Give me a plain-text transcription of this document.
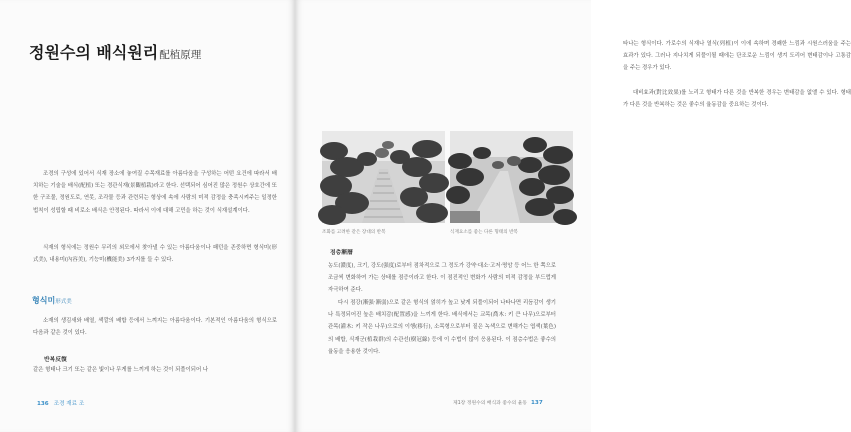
정원수의 배식원리配植原理
조경의 구성에 있어서 식재 장소에 놓여질 수목재료를 아름다움을 구성하는 어떤 요건에 따라서 배치하는 기술을 배식(配植) 또는 경관식재(景觀植栽)라고 한다. 선택되어 심어진 많은 정원수 상호간에 또한 구조물, 정원도로, 연못, 조각물 등과 관련되는 형상에 속에 사람의 미적 감정을 충족시켜주는 일정한 법칙이 성립할 때 비로소 배식은 안정된다. 따라서 이에 대해 고민을 하는 것이 식재설계이다.
식재의 형식에는 정원수 무리의 외모에서 찾아낼 수 있는 아름다움이나 패턴을 존중하면 형식미(形式美), 내용미(內容美), 기능미(機能美) 3가지를 들 수 있다.
형식미形式美
소재의 생김새와 배열, 색깔의 배합 등에서 느껴지는 아름다움이다. 기본적인 아름다움의 형식으로 다음과 같은 것이 있다.
반복反復
같은 형태나 크기 또는 같은 빛이나 무게를 느끼게 하는 것이 되풀이되어 나
136 조경 재료 조
타나는 형식이다. 가로수의 식재나 열식(列植)이 이에 속하며 경쾌한 느낌과 시원스러움을 주는 효과가 있다. 그러나 지나치게 되풀이될 때에는 단조로운 느낌이 생겨 도리어 변태감이나 고통감을 주는 경우가 있다.
대비효과(對比效果)를 노리고 형태가 다른 것을 반복한 경우는 변태감을 없앨 수 있다. 형태가 다른 것을 반복하는 것은 좋수의 율동감을 중요하는 것이다.
조화를 고려한 같은 장대의 반복	식재요소를 좋는 다른 형태의 반복
점층漸層
농도(濃度), 크기, 강도(强度)로부터 점차적으로 그 정도가 강약·대소·고저·명암 등 어느 한 쪽으로 조금씩 변화하여 가는 상태를 점증이라고 한다. 이 점진적인 변화가 사람의 미적 감정을 부드럽게 자극하여 준다.
다시 점강(漸强·漸弱)으로 같은 형식의 얽히가 높고 낮게 되풀이되어 나타나면 리듬감이 생기나 특정되어진 높은 배치감(配置感)을 느끼게 한다. 배식에서는 교목(喬木: 키 큰 나무)으로부터 관목(灌木: 키 작은 나무)으로의 이행(移行), 소목형으로부터 짙은 녹색으로 변해가는 엽색(葉色)의 배합, 식재군(植栽群)의 수관선(樹冠線) 등에 이 수법이 많이 응용된다. 이 점층수법은 좋수의 율동을 응용한 것이다.
제1장 정원수의 배식과 좋수의 율동 137
